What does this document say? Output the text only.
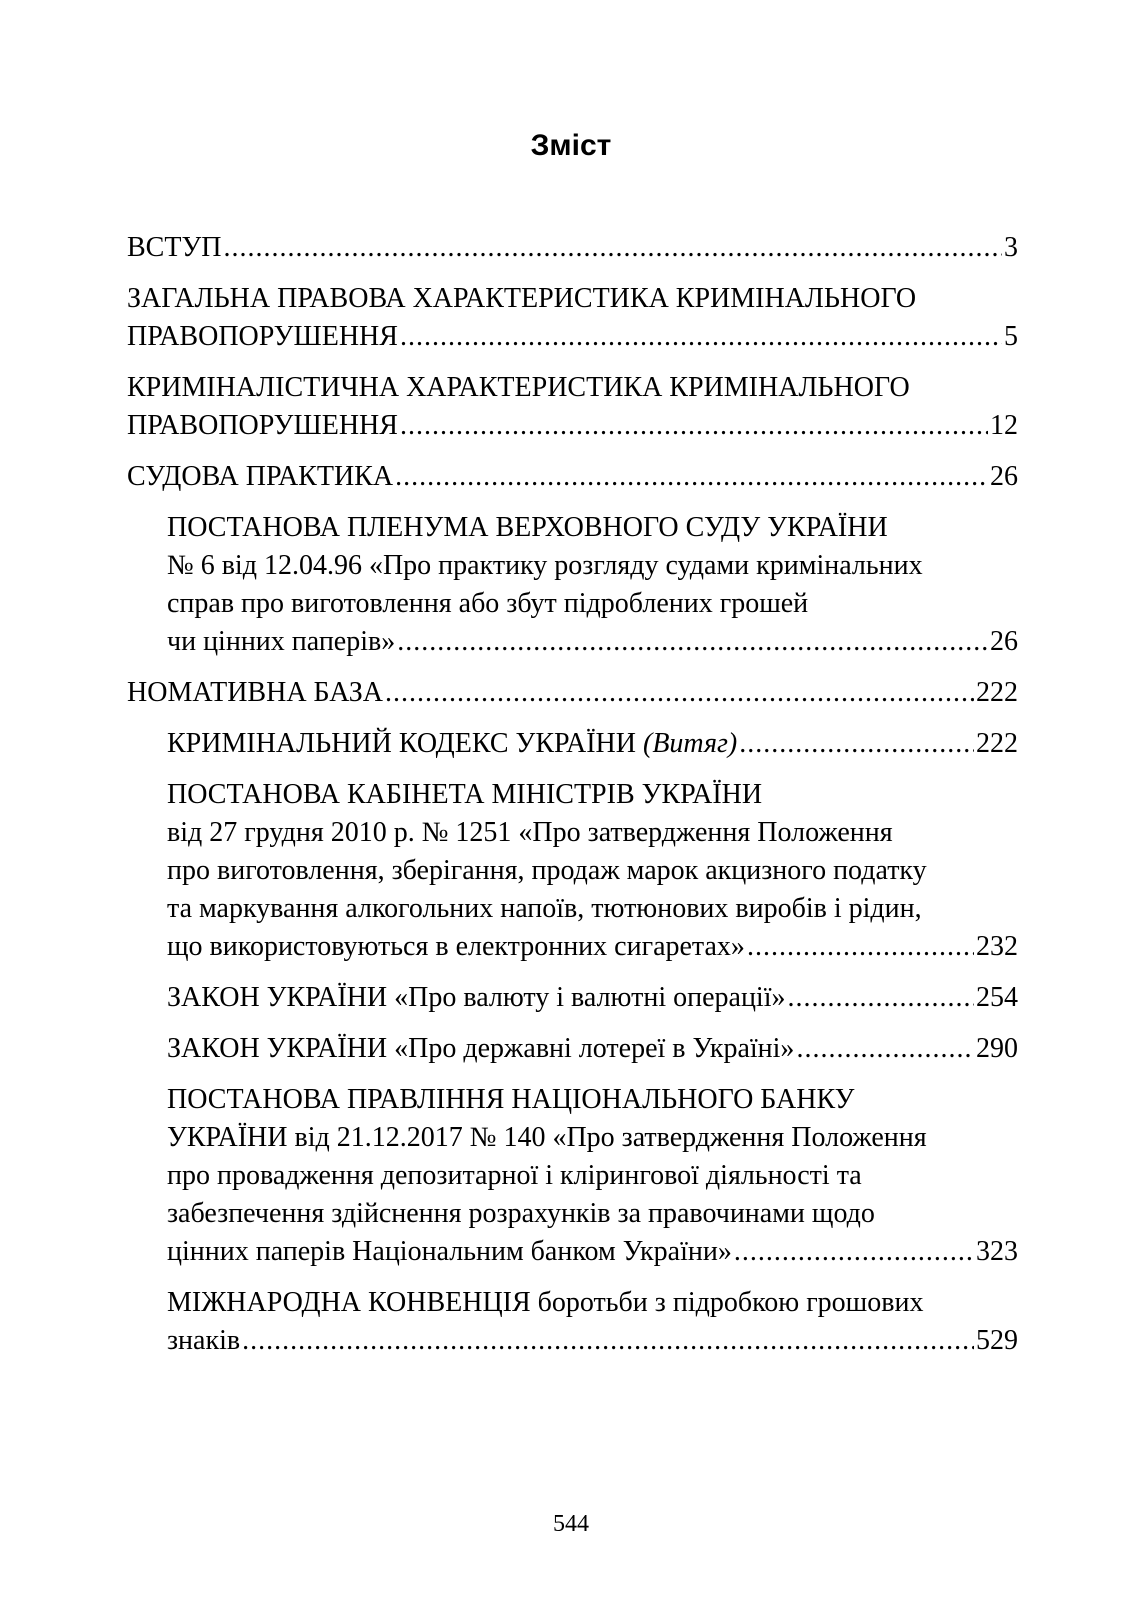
Зміст
ВСТУП .....	3
ЗАГАЛЬНА ПРАВОВА ХАРАКТЕРИСТИКА КРИМІНАЛЬНОГО
ПРАВОПОРУШЕННЯ .....	5
КРИМІНАЛІСТИЧНА ХАРАКТЕРИСТИКА КРИМІНАЛЬНОГО
ПРАВОПОРУШЕННЯ .....	12
СУДОВА ПРАКТИКА .....	26
ПОСТАНОВА ПЛЕНУМА ВЕРХОВНОГО СУДУ УКРАЇНИ
№ 6 від 12.04.96 «Про практику розгляду судами кримінальних
справ про виготовлення або збут підроблених грошей
чи цінних паперів» .....	26
НОМАТИВНА БАЗА .....	222
КРИМІНАЛЬНИЙ КОДЕКС УКРАЇНИ (Витяг) .....	222
ПОСТАНОВА КАБІНЕТА МІНІСТРІВ УКРАЇНИ
від 27 грудня 2010 р. № 1251 «Про затвердження Положення
про виготовлення, зберігання, продаж марок акцизного податку
та маркування алкогольних напоїв, тютюнових виробів і рідин,
що використовуються в електронних сигаретах» .....	232
ЗАКОН УКРАЇНИ «Про валюту і валютні операції» .....	254
ЗАКОН УКРАЇНИ «Про державні лотереї в Україні» .....	290
ПОСТАНОВА ПРАВЛІННЯ НАЦІОНАЛЬНОГО БАНКУ
УКРАЇНИ від 21.12.2017 № 140 «Про затвердження Положення
про провадження депозитарної і клірингової діяльності та
забезпечення здійснення розрахунків за правочинами щодо
цінних паперів Національним банком України» .....	323
МІЖНАРОДНА КОНВЕНЦІЯ боротьби з підробкою грошових
знаків .....	529
544
